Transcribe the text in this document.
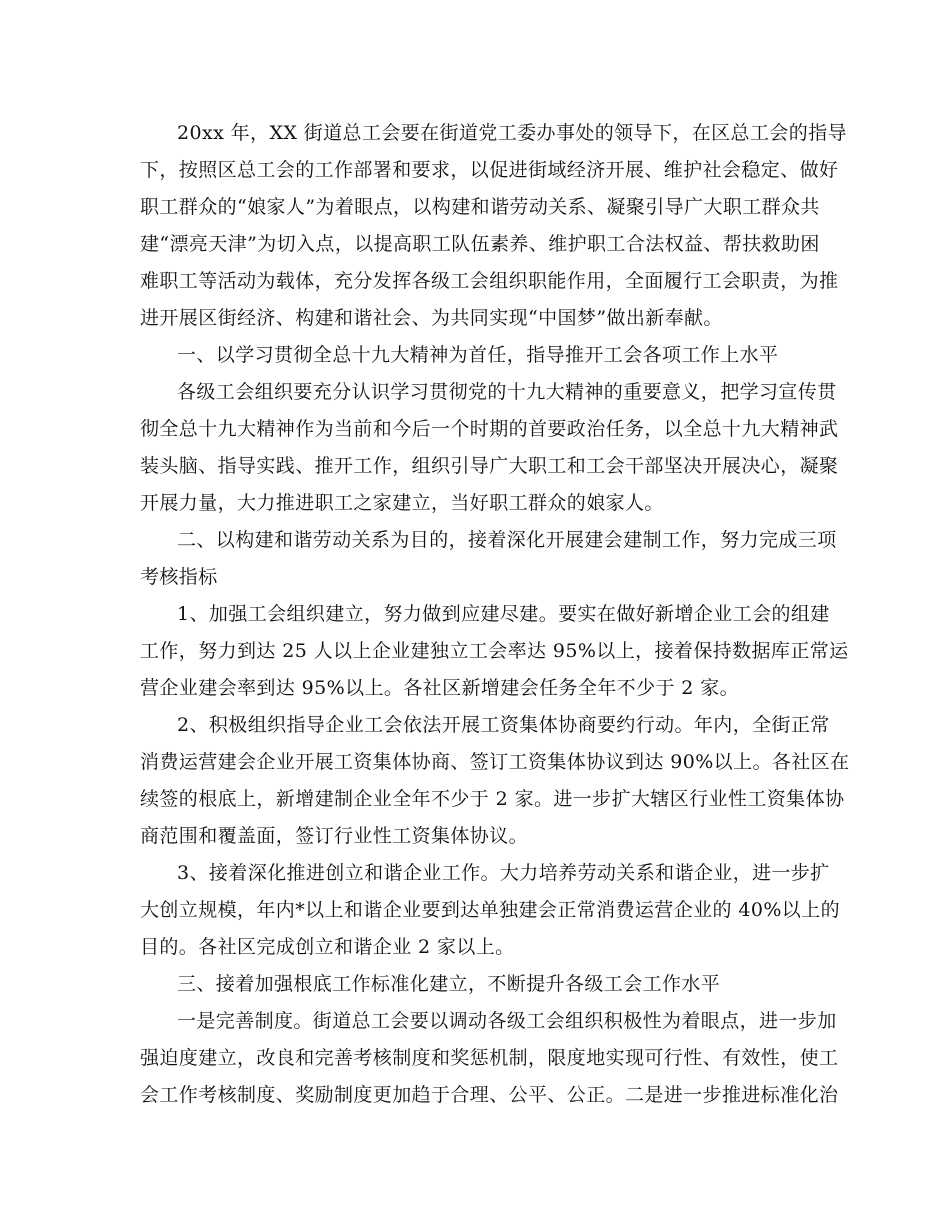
20xx 年，XX 街道总工会要在街道党工委办事处的领导下，在区总工会的指导
下，按照区总工会的工作部署和要求，以促进街域经济开展、维护社会稳定、做好
职工群众的“娘家人”为着眼点，以构建和谐劳动关系、凝聚引导广大职工群众共
建“漂亮天津”为切入点，以提高职工队伍素养、维护职工合法权益、帮扶救助困
难职工等活动为载体，充分发挥各级工会组织职能作用，全面履行工会职责，为推
进开展区街经济、构建和谐社会、为共同实现“中国梦”做出新奉献。
一、以学习贯彻全总十九大精神为首任，指导推开工会各项工作上水平
各级工会组织要充分认识学习贯彻党的十九大精神的重要意义，把学习宣传贯
彻全总十九大精神作为当前和今后一个时期的首要政治任务，以全总十九大精神武
装头脑、指导实践、推开工作，组织引导广大职工和工会干部坚决开展决心，凝聚
开展力量，大力推进职工之家建立，当好职工群众的娘家人。
二、以构建和谐劳动关系为目的，接着深化开展建会建制工作，努力完成三项
考核指标
1、加强工会组织建立，努力做到应建尽建。要实在做好新增企业工会的组建
工作，努力到达 25 人以上企业建独立工会率达 95%以上，接着保持数据库正常运
营企业建会率到达 95%以上。各社区新增建会任务全年不少于 2 家。
2、积极组织指导企业工会依法开展工资集体协商要约行动。年内，全街正常
消费运营建会企业开展工资集体协商、签订工资集体协议到达 90%以上。各社区在
续签的根底上，新增建制企业全年不少于 2 家。进一步扩大辖区行业性工资集体协
商范围和覆盖面，签订行业性工资集体协议。
3、接着深化推进创立和谐企业工作。大力培养劳动关系和谐企业，进一步扩
大创立规模，年内*以上和谐企业要到达单独建会正常消费运营企业的 40%以上的
目的。各社区完成创立和谐企业 2 家以上。
三、接着加强根底工作标准化建立，不断提升各级工会工作水平
一是完善制度。街道总工会要以调动各级工会组织积极性为着眼点，进一步加
强迫度建立，改良和完善考核制度和奖惩机制，限度地实现可行性、有效性，使工
会工作考核制度、奖励制度更加趋于合理、公平、公正。二是进一步推进标准化治
